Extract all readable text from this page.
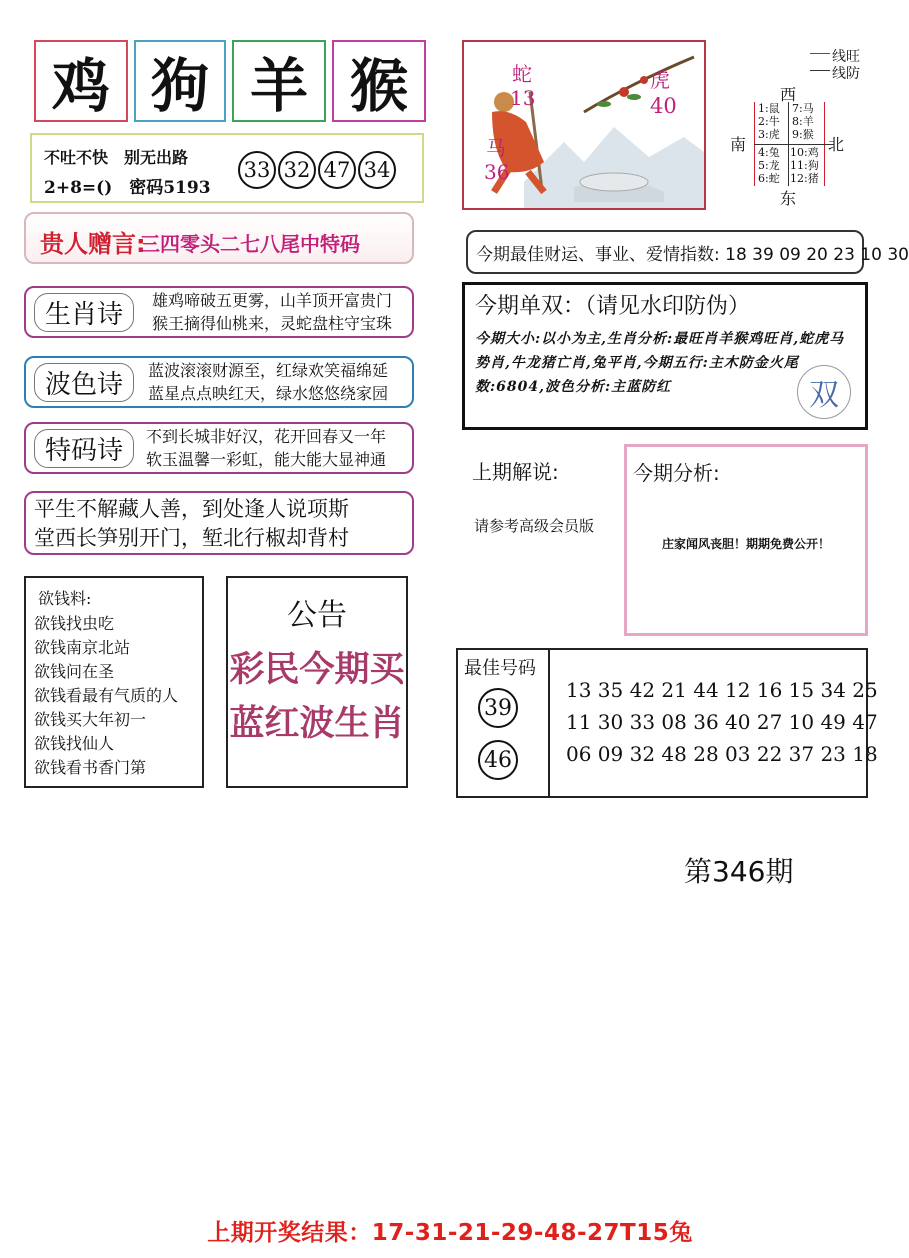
鸡 狗 羊 猴
不吐不快　别无出路
2+8=()　密码5193
33 32 47 34
贵人赠言:
三四零头二七八尾中特码
生肖诗	雄鸡啼破五更雾，山羊顶开富贵门
猴王摘得仙桃来，灵蛇盘柱守宝珠
波色诗	蓝波滚滚财源至，红绿欢笑福绵延
蓝星点点映红天，绿水悠悠绕家园
特码诗	不到长城非好汉，花开回春又一年
软玉温馨一彩虹，能大能大显神通
平生不解藏人善，到处逢人说项斯
堂西长笋别开门，堑北行椒却背村
欲钱料:
欲钱找虫吃
欲钱南京北站
欲钱问在圣
欲钱看最有气质的人
欲钱买大年初一
欲钱找仙人
欲钱看书香门第
公告
彩民今期买
蓝红波生肖
蛇
13
虎
40
马
36
线旺
线防
西
南	北
东
1:鼠
2:牛
3:虎
7:马
8:羊
9:猴
4:兔
5:龙
6:蛇
10:鸡
11:狗
12:猪
今期最佳财运、事业、爱情指数: 18 39 09 20 23 10 30
今期单双：（请见水印防伪）
今期大小:以小为主,生肖分析:最旺肖羊猴鸡旺肖,蛇虎马势肖,牛龙猪亡肖,兔平肖,今期五行:主木防金火尾数:6804,波色分析:主蓝防红	双
上期解说:
请参考高级会员版
今期分析:
庄家闻风丧胆！期期免费公开！
最佳号码
39
46
13 35 42 21 44 12 16 15 34 25
11 30 33 08 36 40 27 10 49 47
06 09 32 48 28 03 22 37 23 18
第346期
上期开奖结果：17-31-21-29-48-27T15兔
